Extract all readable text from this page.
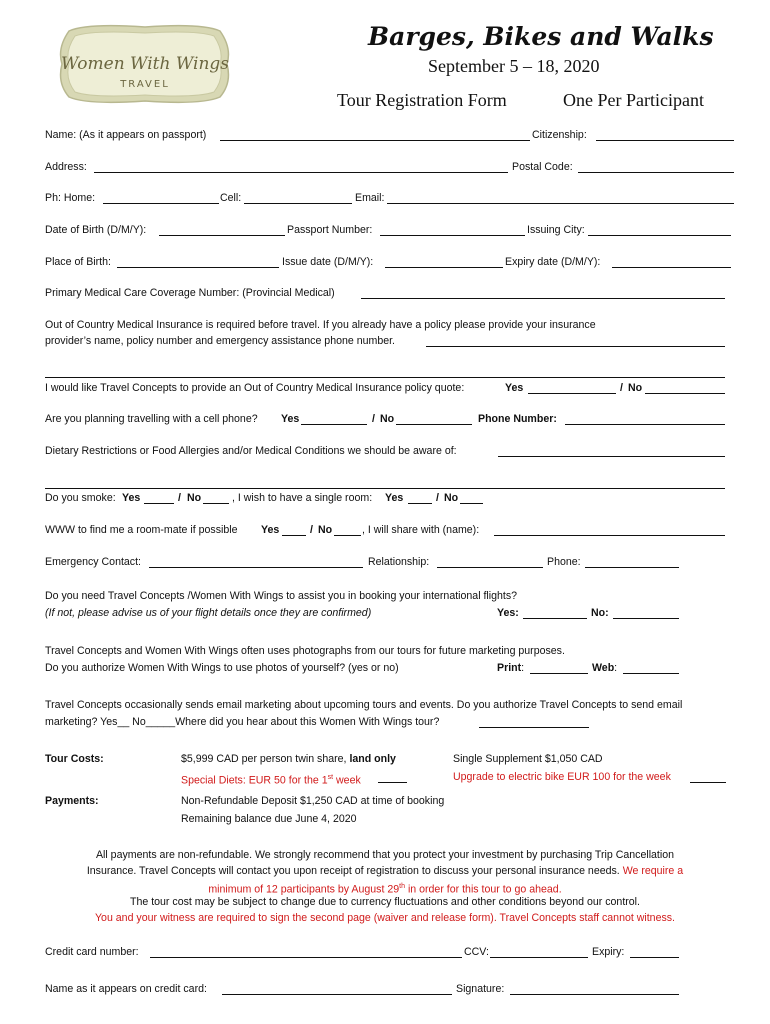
Women With Wings
TRAVEL
Barges, Bikes and Walks
September 5 – 18, 2020
Tour Registration Form	One Per Participant
Name: (As it appears on passport)	Citizenship:
Address:	Postal Code:
Ph: Home:	Cell:	Email:
Date of Birth (D/M/Y):	Passport Number:	Issuing City:
Place of Birth:	Issue date (D/M/Y):	Expiry date (D/M/Y):
Primary Medical Care Coverage Number: (Provincial Medical)
Out of Country Medical Insurance is required before travel. If you already have a policy please provide your insurance
provider’s name, policy number and emergency assistance phone number.
I would like Travel Concepts to provide an Out of Country Medical Insurance policy quote:	Yes	/ No
Are you planning travelling with a cell phone? Yes	/ No	Phone Number:
Dietary Restrictions or Food Allergies and/or Medical Conditions we should be aware of:
Do you smoke: Yes	/ No	, I wish to have a single room: Yes	/ No
WWW to find me a room-mate if possible Yes	/ No	, I will share with (name):
Emergency Contact:	Relationship:	Phone:
Do you need Travel Concepts /Women With Wings to assist you in booking your international flights?
(If not, please advise us of your flight details once they are confirmed)	Yes:	No:
Travel Concepts and Women With Wings often uses photographs from our tours for future marketing purposes.
Do you authorize Women With Wings to use photos of yourself? (yes or no)	Print:	Web:
Travel Concepts occasionally sends email marketing about upcoming tours and events. Do you authorize Travel Concepts to send email
marketing? Yes__ No_____Where did you hear about this Women With Wings tour?
Tour Costs:	$5,999 CAD per person twin share, land only	Single Supplement $1,050 CAD
Special Diets: EUR 50 for the 1st week	Upgrade to electric bike EUR 100 for the week
Payments:	Non-Refundable Deposit $1,250 CAD at time of booking
Remaining balance due June 4, 2020
All payments are non-refundable. We strongly recommend that you protect your investment by purchasing Trip Cancellation
Insurance. Travel Concepts will contact you upon receipt of registration to discuss your personal insurance needs. We require a
minimum of 12 participants by August 29th in order for this tour to go ahead.
The tour cost may be subject to change due to currency fluctuations and other conditions beyond our control.
You and your witness are required to sign the second page (waiver and release form). Travel Concepts staff cannot witness.
Credit card number:	CCV:	Expiry:
Name as it appears on credit card:	Signature:
